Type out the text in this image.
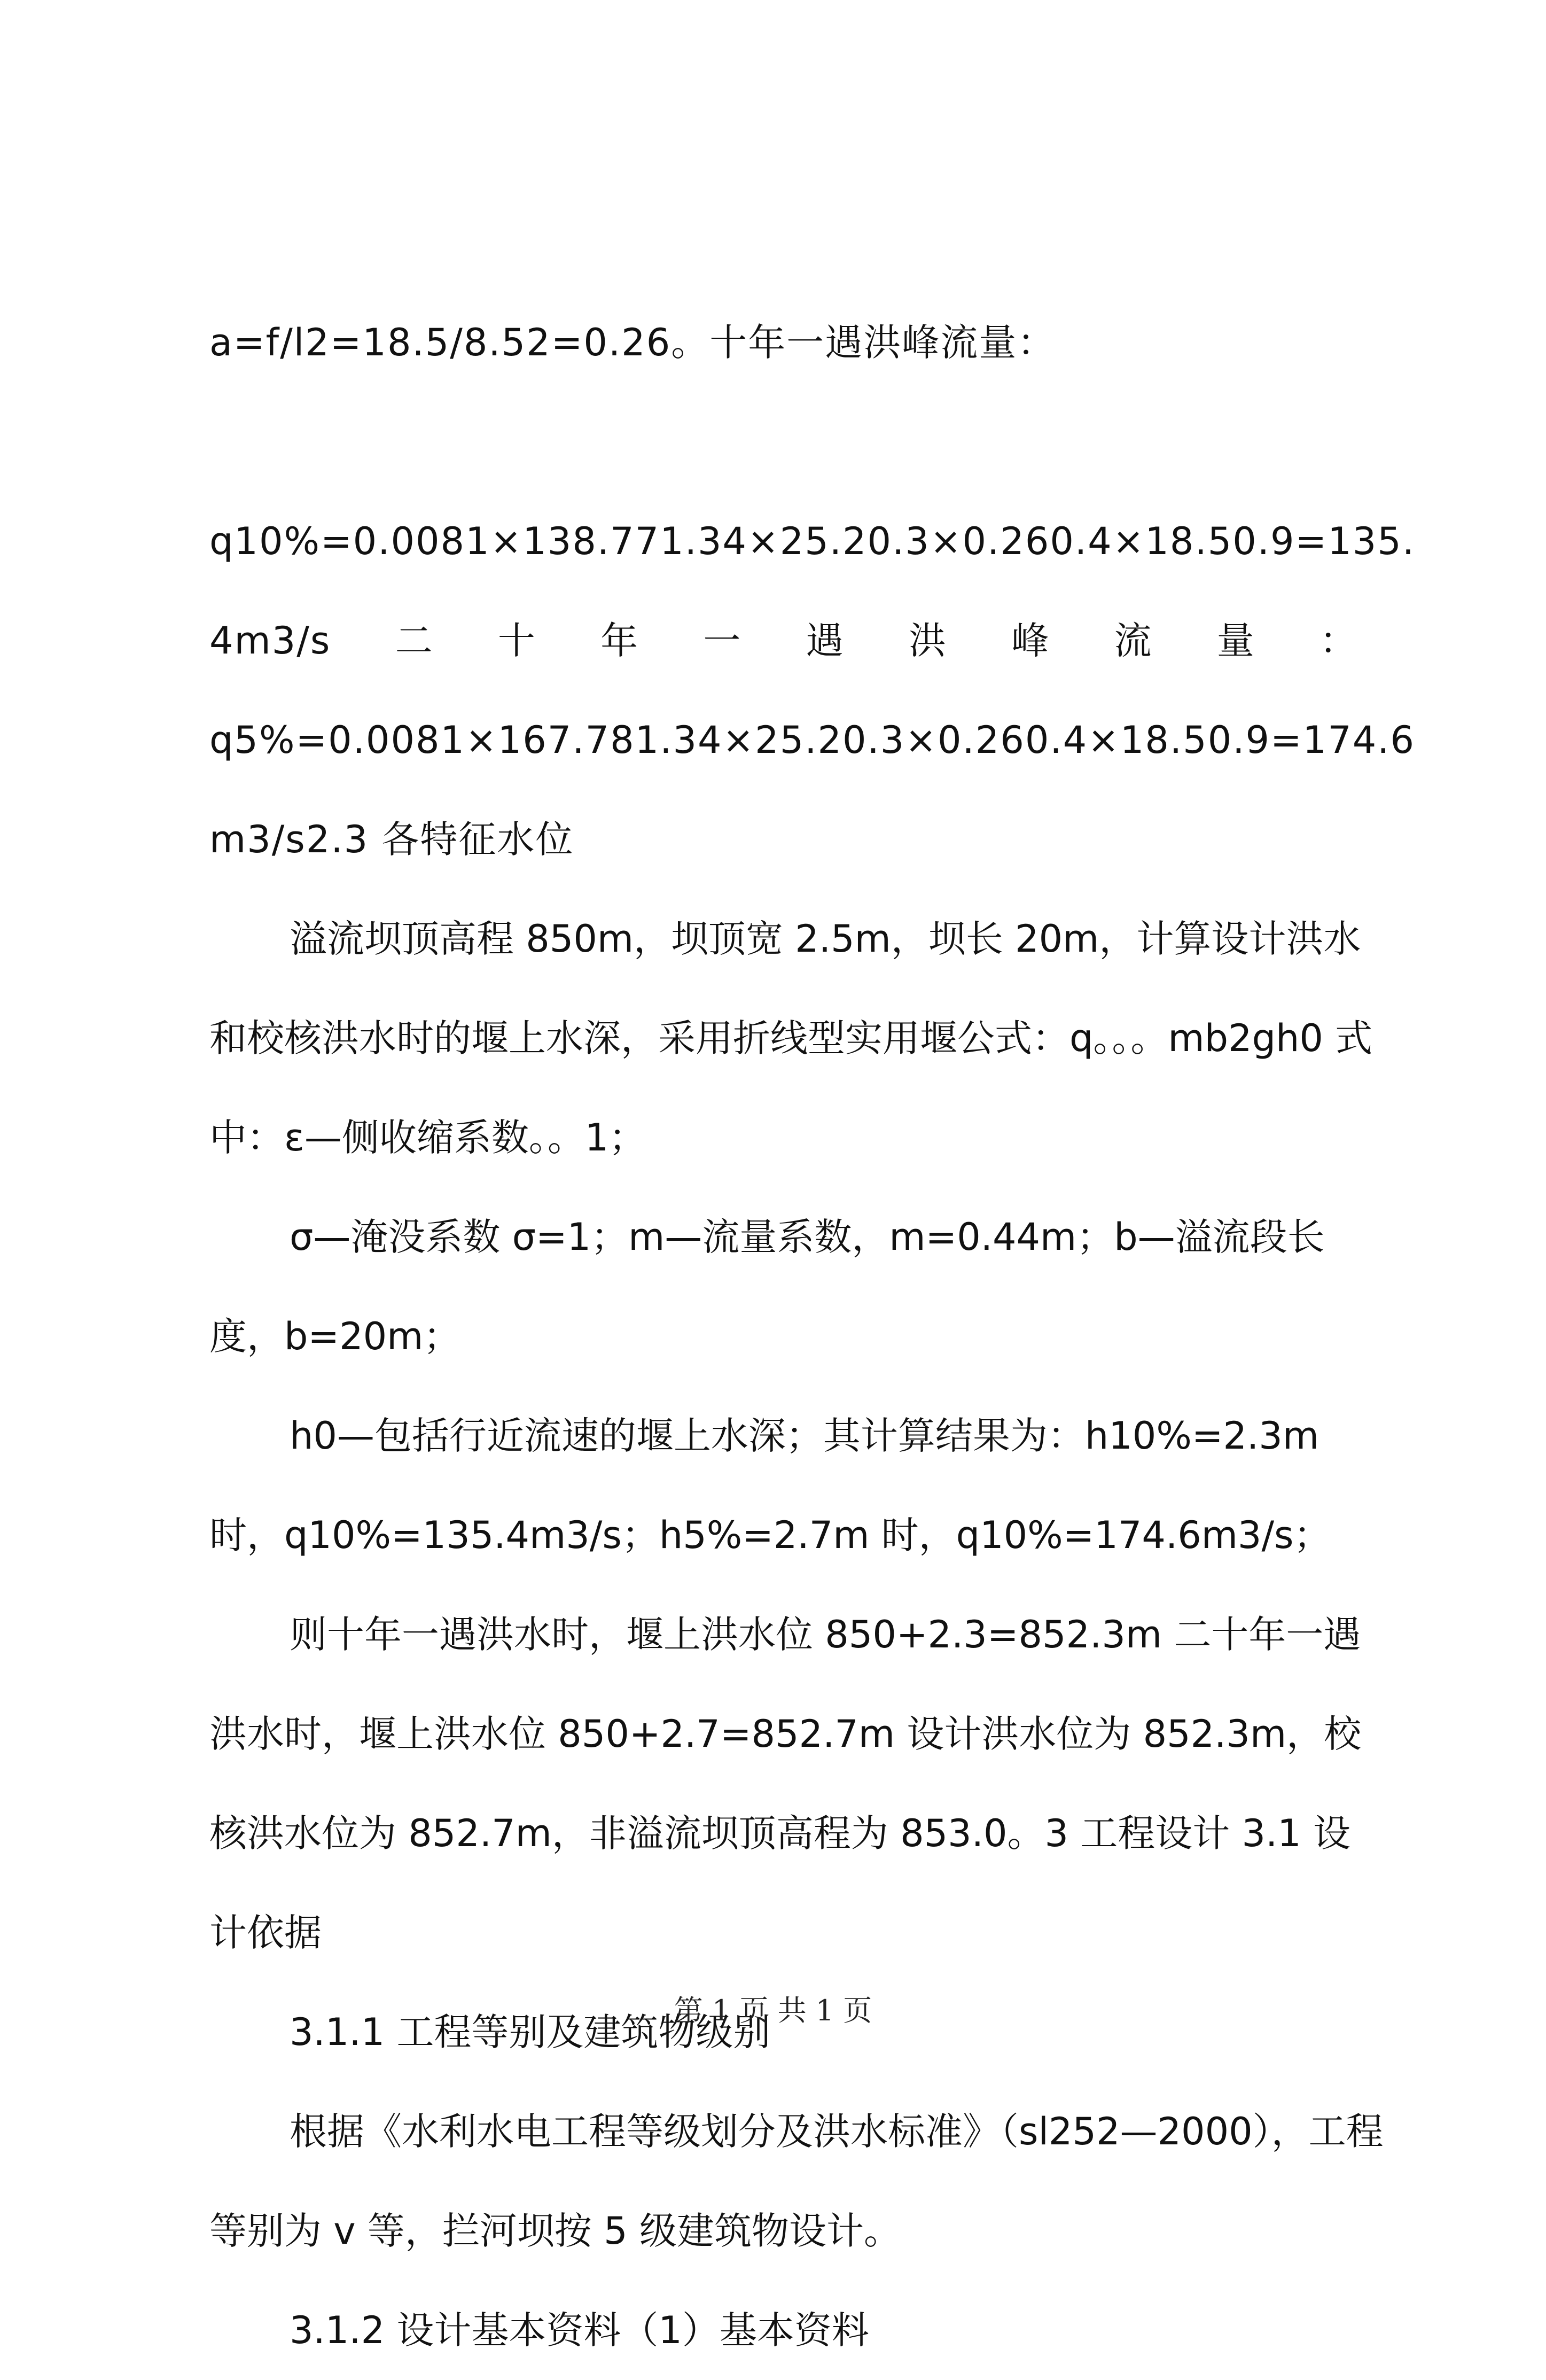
a=f/l2=18.5/8.52=0.26。十年一遇洪峰流量：

q10%=0.0081×138.771.34×25.20.3×0.260.4×18.50.9=135.

4m3/s 二 十 年 一 遇 洪 峰 流 量 ：

q5%=0.0081×167.781.34×25.20.3×0.260.4×18.50.9=174.6

m3/s2.3 各特征水位

溢流坝顶高程 850m，坝顶宽 2.5m，坝长 20m，计算设计洪水和校核洪水时的堰上水深，采用折线型实用堰公式：q。。。mb2gh0 式中：ε—侧收缩系数。。1；

σ—淹没系数 σ=1；m—流量系数，m=0.44m；b—溢流段长度，b=20m；

h0—包括行近流速的堰上水深；其计算结果为：h10%=2.3m 时，q10%=135.4m3/s；h5%=2.7m 时，q10%=174.6m3/s；

则十年一遇洪水时，堰上洪水位 850+2.3=852.3m 二十年一遇洪水时，堰上洪水位 850+2.7=852.7m 设计洪水位为 852.3m，校核洪水位为 852.7m，非溢流坝顶高程为 853.0。3 工程设计 3.1 设计依据

3.1.1 工程等别及建筑物级别

根据《水利水电工程等级划分及洪水标准》（sl252—2000），工程等别为 v 等，拦河坝按 5 级建筑物设计。

3.1.2 设计基本资料（1）基本资料

第 1 页 共 1 页
